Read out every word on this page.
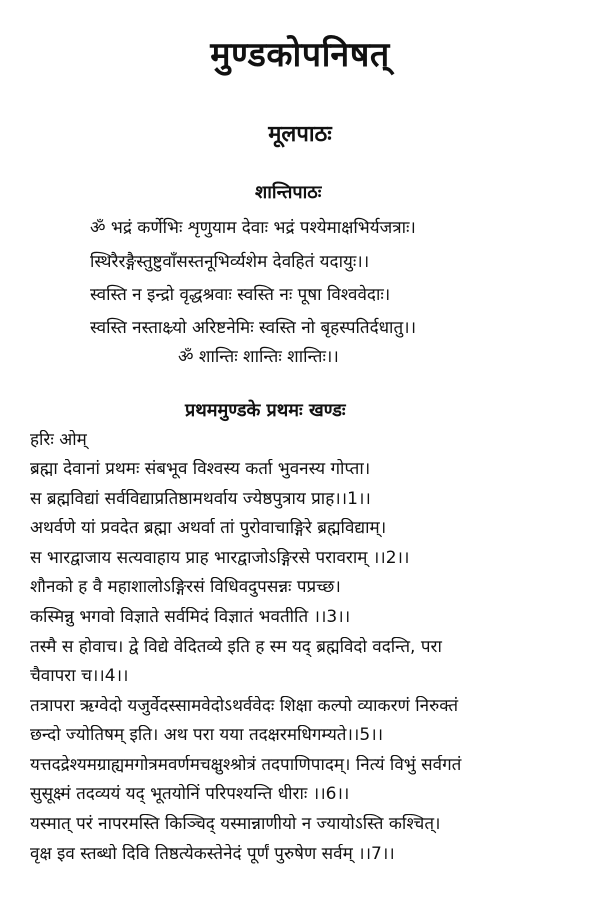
मुण्डकोपनिषत्
मूलपाठः
शान्तिपाठः
ॐ भद्रं कर्णेभिः शृणुयाम देवाः भद्रं पश्येमाक्षभिर्यजत्राः।
स्थिरैरङ्गैस्तुष्टुवाँसस्तनूभिर्व्यशेम देवहितं यदायुः।।
स्वस्ति न इन्द्रो वृद्धश्रवाः स्वस्ति नः पूषा विश्ववेदाः।
स्वस्ति नस्ताक्ष्र्यो अरिष्टनेमिः स्वस्ति नो बृहस्पतिर्दधातु।।
ॐ शान्तिः शान्तिः शान्तिः।।
प्रथममुण्डके प्रथमः खण्डः
हरिः ओम्
ब्रह्मा देवानां प्रथमः संबभूव विश्वस्य कर्ता भुवनस्य गोप्ता।
स ब्रह्मविद्यां सर्वविद्याप्रतिष्ठामथर्वाय ज्येष्ठपुत्राय प्राह।।1।।
अथर्वणे यां प्रवदेत ब्रह्मा अथर्वा तां पुरोवाचाङ्गिरे ब्रह्मविद्याम्।
स भारद्वाजाय सत्यवाहाय प्राह भारद्वाजोऽङ्गिरसे परावराम् ।।2।।
शौनको ह वै महाशालोऽङ्गिरसं विधिवदुपसन्नः पप्रच्छ।
कस्मिन्नु भगवो विज्ञाते सर्वमिदं विज्ञातं भवतीति ।।3।।
तस्मै स होवाच। द्वे विद्ये वेदितव्ये इति ह स्म यद् ब्रह्मविदो वदन्ति, परा
चैवापरा च।।4।।
तत्रापरा ऋग्वेदो यजुर्वेदस्सामवेदोऽथर्ववेदः शिक्षा कल्पो व्याकरणं निरुक्तं
छन्दो ज्योतिषम् इति। अथ परा यया तदक्षरमधिगम्यते।।5।।
यत्तदद्रेश्यमग्राह्यमगोत्रमवर्णमचक्षुश्श्रोत्रं तदपाणिपादम्। नित्यं विभुं सर्वगतं
सुसूक्ष्मं तदव्ययं यद् भूतयोनिं परिपश्यन्ति धीराः ।।6।।
यस्मात् परं नापरमस्ति किञ्चिद् यस्मान्नाणीयो न ज्यायोऽस्ति कश्चित्।
वृक्ष इव स्तब्धो दिवि तिष्ठत्येकस्तेनेदं पूर्णं पुरुषेण सर्वम् ।।7।।
